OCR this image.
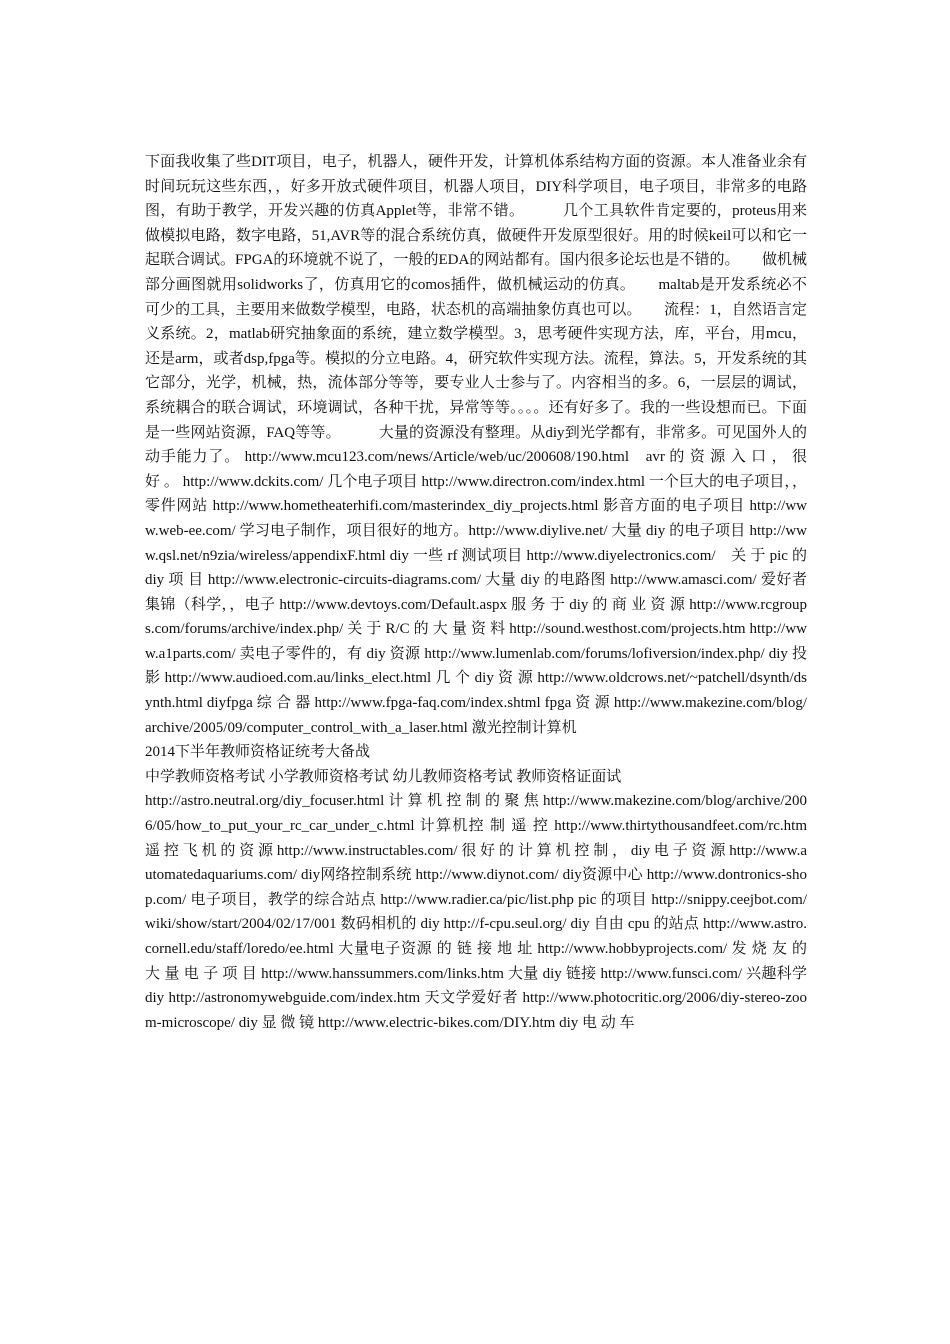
下面我收集了些DIT项目，电子，机器人，硬件开发，计算机体系结构方面的资源。本人准备业余有时间玩玩这些东西，，好多开放式硬件项目，机器人项目，DIY科学项目，电子项目，非常多的电路图，有助于教学，开发兴趣的仿真Applet等，非常不错。　　　几个工具软件肯定要的，proteus用来做模拟电路，数字电路，51,AVR等的混合系统仿真，做硬件开发原型很好。用的时候keil可以和它一起联合调试。FPGA的环境就不说了，一般的EDA的网站都有。国内很多论坛也是不错的。　　做机械部分画图就用solidworks了，仿真用它的comos插件，做机械运动的仿真。　　maltab是开发系统必不可少的工具，主要用来做数学模型，电路，状态机的高端抽象仿真也可以。　　流程：1，自然语言定义系统。2，matlab研究抽象面的系统，建立数学模型。3，思考硬件实现方法，库，平台，用mcu，还是arm，或者dsp,fpga等。模拟的分立电路。4，研究软件实现方法。流程，算法。5，开发系统的其它部分，光学，机械，热，流体部分等等，要专业人士参与了。内容相当的多。6，一层层的调试，系统耦合的联合调试，环境调试，各种干扰，异常等等。。。。还有好多了。我的一些设想而已。下面是一些网站资源，FAQ等等。　　　大量的资源没有整理。从diy到光学都有，非常多。可见国外人的动手能力了。 http://www.mcu123.com/news/Article/web/uc/200608/190.html　avr 的 资 源 入 口 ， 很 好 。 http://www.dckits.com/ 几个电子项目 http://www.directron.com/index.html 一个巨大的电子项目，，零件网站 http://www.hometheaterhifi.com/masterindex_diy_projects.html 影音方面的电子项目 http://www.web-ee.com/ 学习电子制作，项目很好的地方。http://www.diylive.net/ 大量 diy 的电子项目 http://www.qsl.net/n9zia/wireless/appendixF.html diy 一些 rf 测试项目 http://www.diyelectronics.com/　关 于 pic 的 diy 项 目 http://www.electronic-circuits-diagrams.com/ 大量 diy 的电路图 http://www.amasci.com/ 爱好者集锦（科学，，电子 http://www.devtoys.com/Default.aspx 服 务 于 diy 的 商 业 资 源 http://www.rcgroups.com/forums/archive/index.php/ 关 于 R/C 的 大 量 资 料 http://sound.westhost.com/projects.htm http://www.a1parts.com/ 卖电子零件的，有 diy 资源 http://www.lumenlab.com/forums/lofiversion/index.php/ diy 投 影 http://www.audioed.com.au/links_elect.html 几 个 diy 资 源 http://www.oldcrows.net/~patchell/dsynth/dsynth.html diyfpga 综 合 器 http://www.fpga-faq.com/index.shtml fpga 资 源 http://www.makezine.com/blog/archive/2005/09/computer_control_with_a_laser.html 激光控制计算机

2014下半年教师资格证统考大备战

中学教师资格考试 小学教师资格考试 幼儿教师资格考试 教师资格证面试

http://astro.neutral.org/diy_focuser.html 计 算 机 控 制 的 聚 焦 http://www.makezine.com/blog/archive/2006/05/how_to_put_your_rc_car_under_c.html 计算机控 制 遥 控 http://www.thirtythousandfeet.com/rc.htm 遥 控 飞 机 的 资 源 http://www.instructables.com/ 很 好 的 计 算 机 控 制 ， diy 电 子 资 源 http://www.automatedaquariums.com/ diy网络控制系统 http://www.diynot.com/ diy资源中心 http://www.dontronics-shop.com/ 电子项目，教学的综合站点 http://www.radier.ca/pic/list.php pic 的项目 http://snippy.ceejbot.com/wiki/show/start/2004/02/17/001 数码相机的 diy http://f-cpu.seul.org/ diy 自由 cpu 的站点 http://www.astro.cornell.edu/staff/loredo/ee.html 大量电子资源 的 链 接 地 址 http://www.hobbyprojects.com/ 发 烧 友 的 大 量 电 子 项 目 http://www.hanssummers.com/links.htm 大量 diy 链接 http://www.funsci.com/ 兴趣科学 diy http://astronomywebguide.com/index.htm 天文学爱好者 http://www.photocritic.org/2006/diy-stereo-zoom-microscope/ diy 显 微 镜 http://www.electric-bikes.com/DIY.htm diy 电 动 车
